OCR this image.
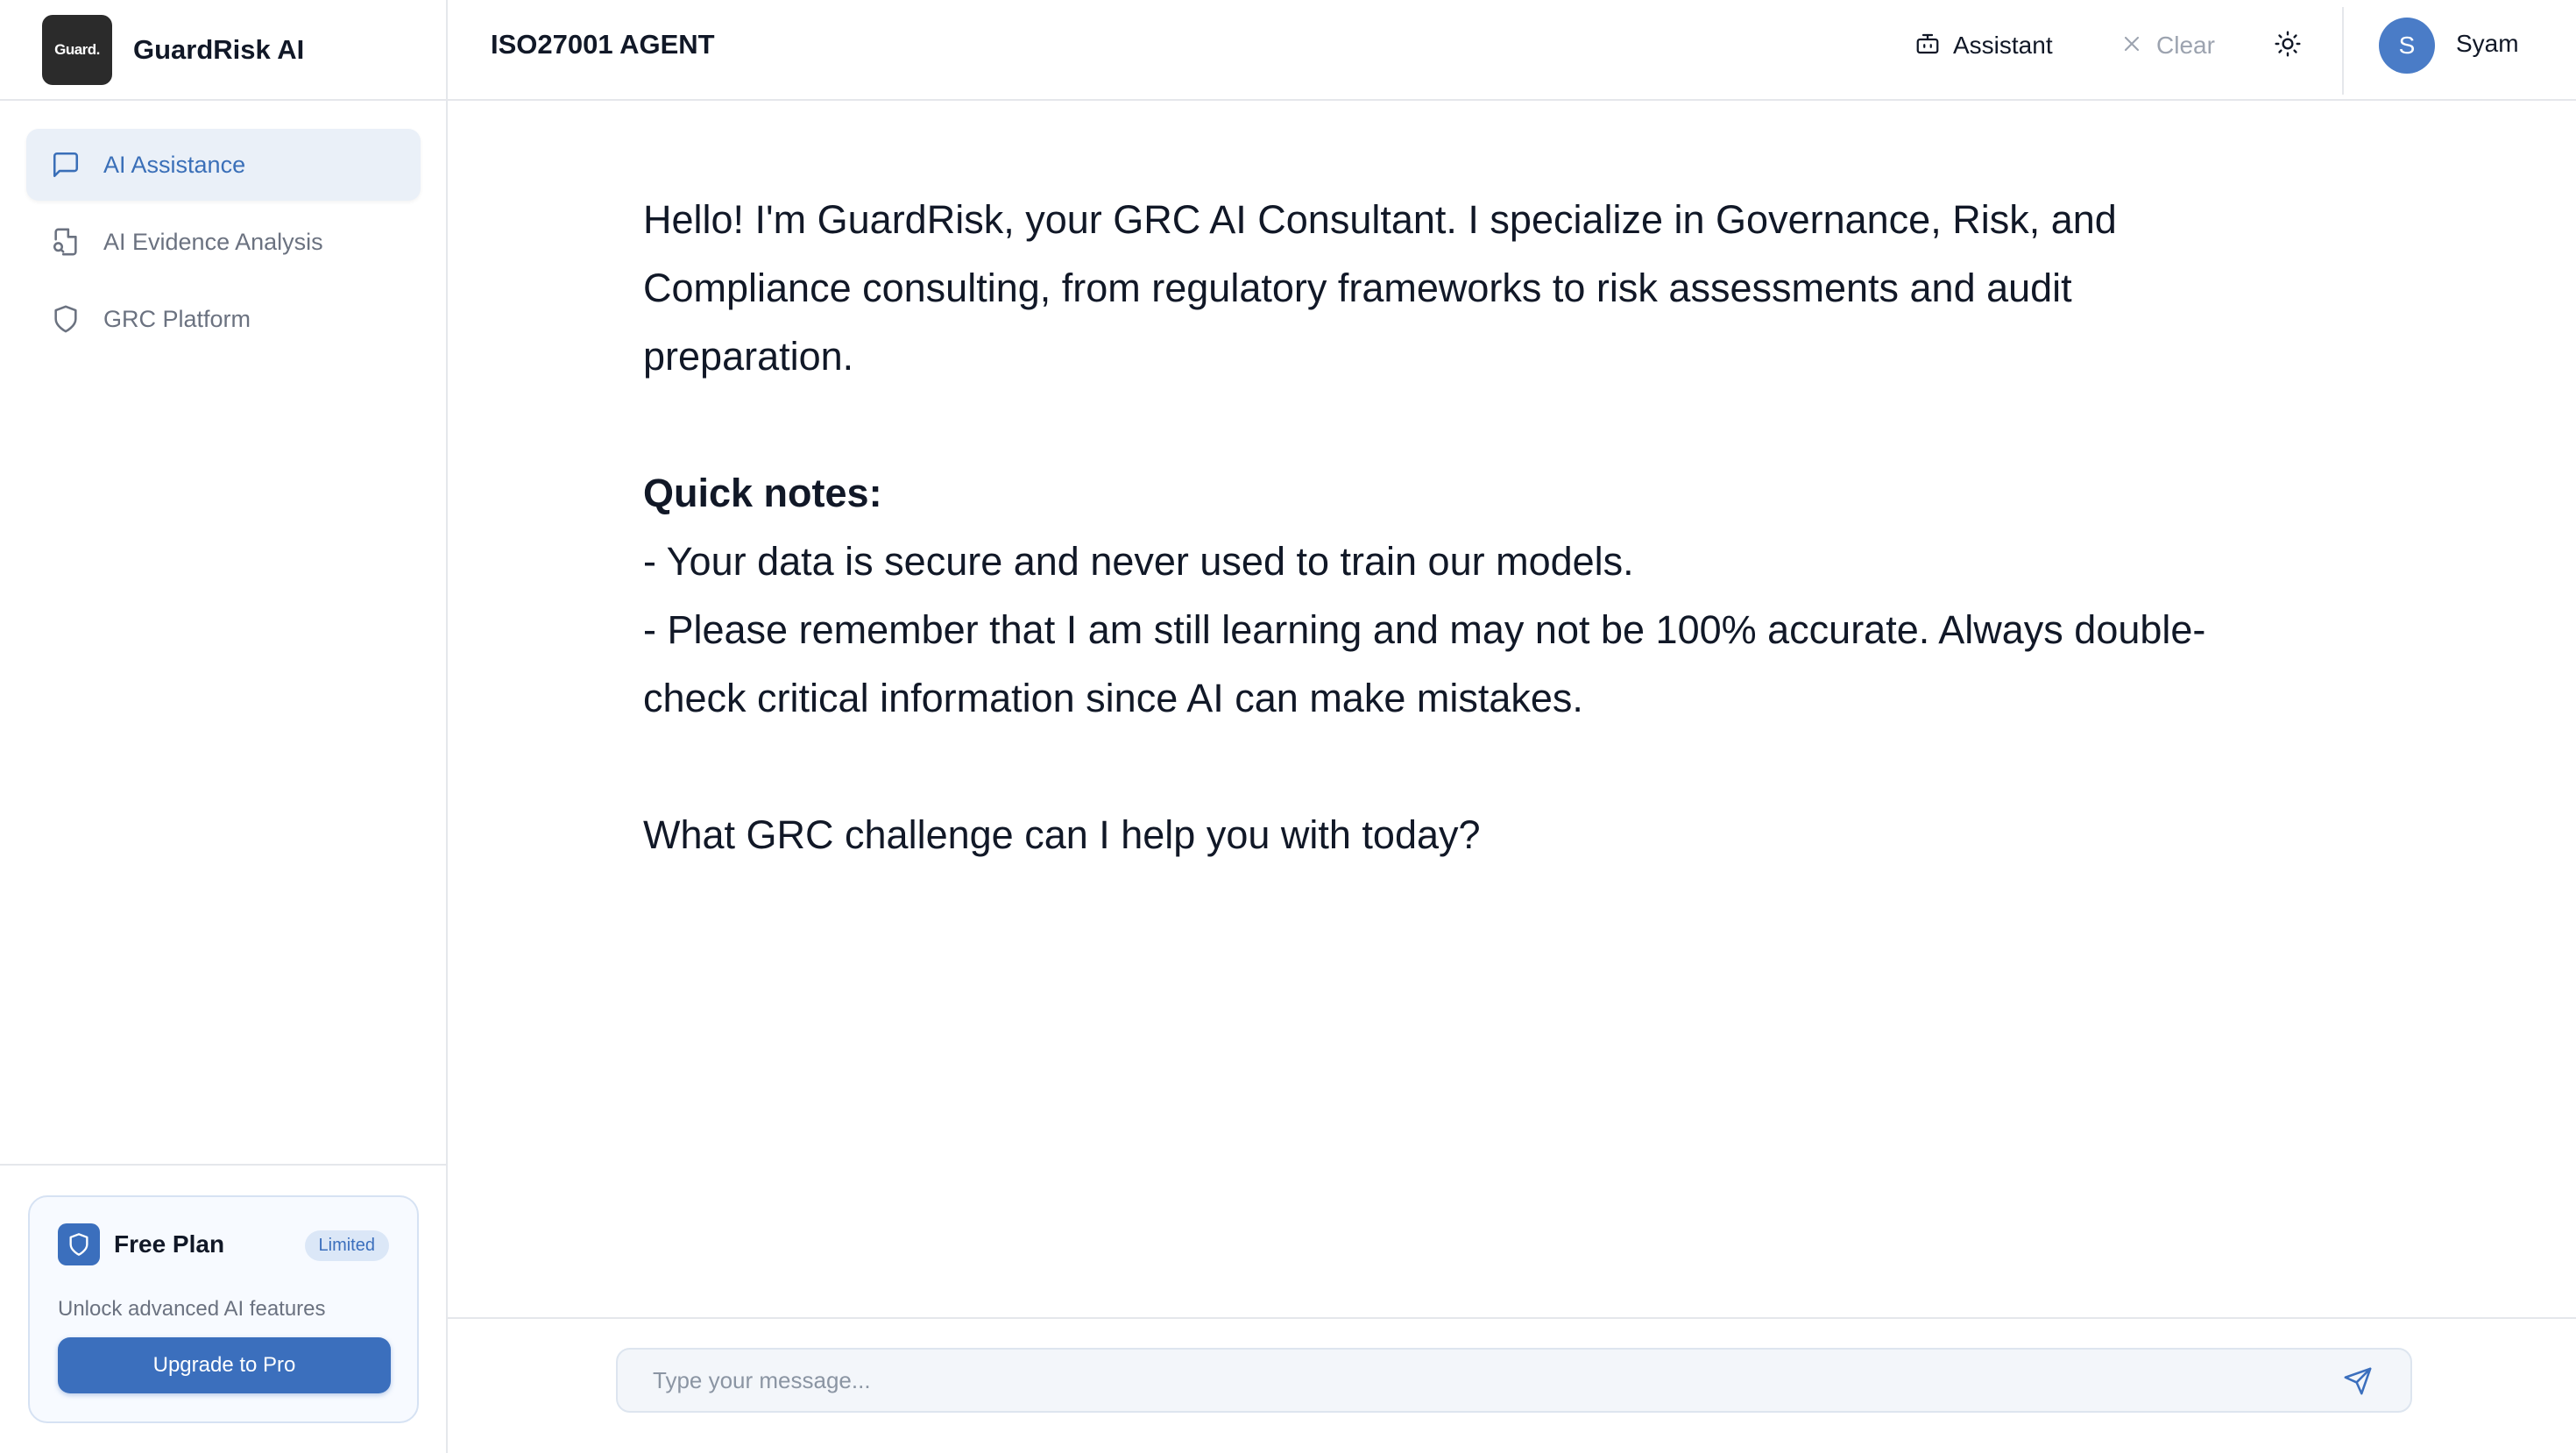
Guard.	GuardRisk AI
AI Assistance
AI Evidence Analysis
GRC Platform
Free Plan	Limited
Unlock advanced AI features
Upgrade to Pro
ISO27001 AGENT	Assistant	Clear	S	Syam

Hello! I'm GuardRisk, your GRC AI Consultant. I specialize in Governance, Risk, and

Compliance consulting, from regulatory frameworks to risk assessments and audit

preparation.

Quick notes:

- Your data is secure and never used to train our models.

- Please remember that I am still learning and may not be 100% accurate. Always double-

check critical information since AI can make mistakes.

What GRC challenge can I help you with today?

Type your message...
